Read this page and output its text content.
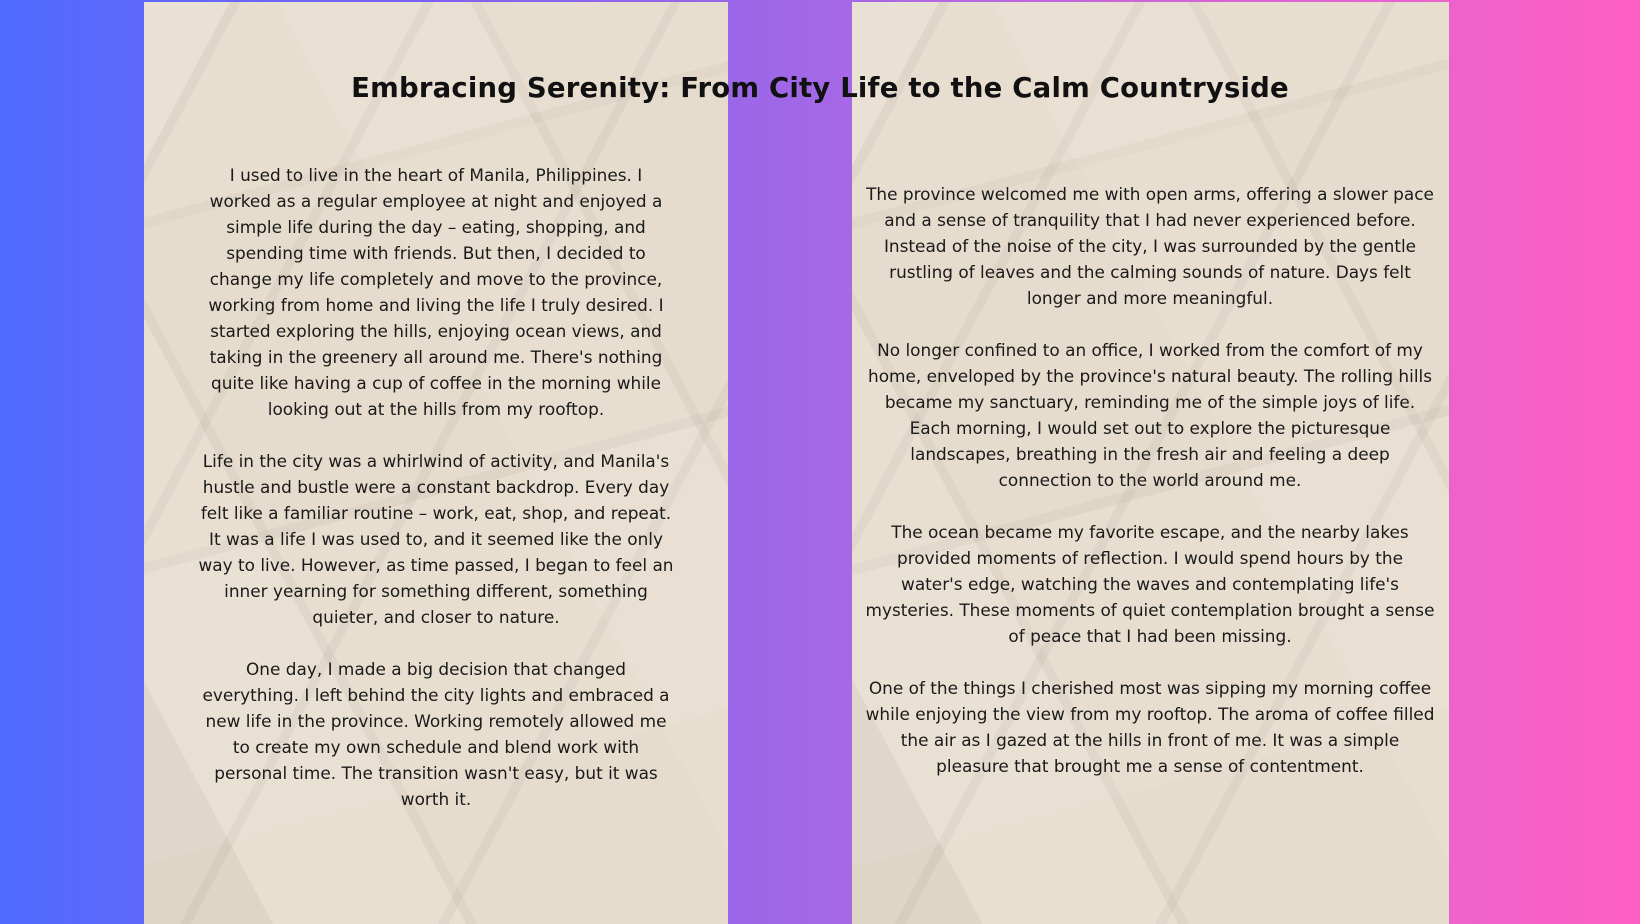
Embracing Serenity: From City Life to the Calm Countryside

I used to live in the heart of Manila, Philippines. I worked as a regular employee at night and enjoyed a simple life during the day – eating, shopping, and spending time with friends. But then, I decided to change my life completely and move to the province, working from home and living the life I truly desired. I started exploring the hills, enjoying ocean views, and taking in the greenery all around me. There's nothing quite like having a cup of coffee in the morning while looking out at the hills from my rooftop.

Life in the city was a whirlwind of activity, and Manila's hustle and bustle were a constant backdrop. Every day felt like a familiar routine – work, eat, shop, and repeat. It was a life I was used to, and it seemed like the only way to live. However, as time passed, I began to feel an inner yearning for something different, something quieter, and closer to nature.

One day, I made a big decision that changed everything. I left behind the city lights and embraced a new life in the province. Working remotely allowed me to create my own schedule and blend work with personal time. The transition wasn't easy, but it was worth it.

The province welcomed me with open arms, offering a slower pace and a sense of tranquility that I had never experienced before. Instead of the noise of the city, I was surrounded by the gentle rustling of leaves and the calming sounds of nature. Days felt longer and more meaningful.

No longer confined to an office, I worked from the comfort of my home, enveloped by the province's natural beauty. The rolling hills became my sanctuary, reminding me of the simple joys of life. Each morning, I would set out to explore the picturesque landscapes, breathing in the fresh air and feeling a deep connection to the world around me.

The ocean became my favorite escape, and the nearby lakes provided moments of reflection. I would spend hours by the water's edge, watching the waves and contemplating life's mysteries. These moments of quiet contemplation brought a sense of peace that I had been missing.

One of the things I cherished most was sipping my morning coffee while enjoying the view from my rooftop. The aroma of coffee filled the air as I gazed at the hills in front of me. It was a simple pleasure that brought me a sense of contentment.
